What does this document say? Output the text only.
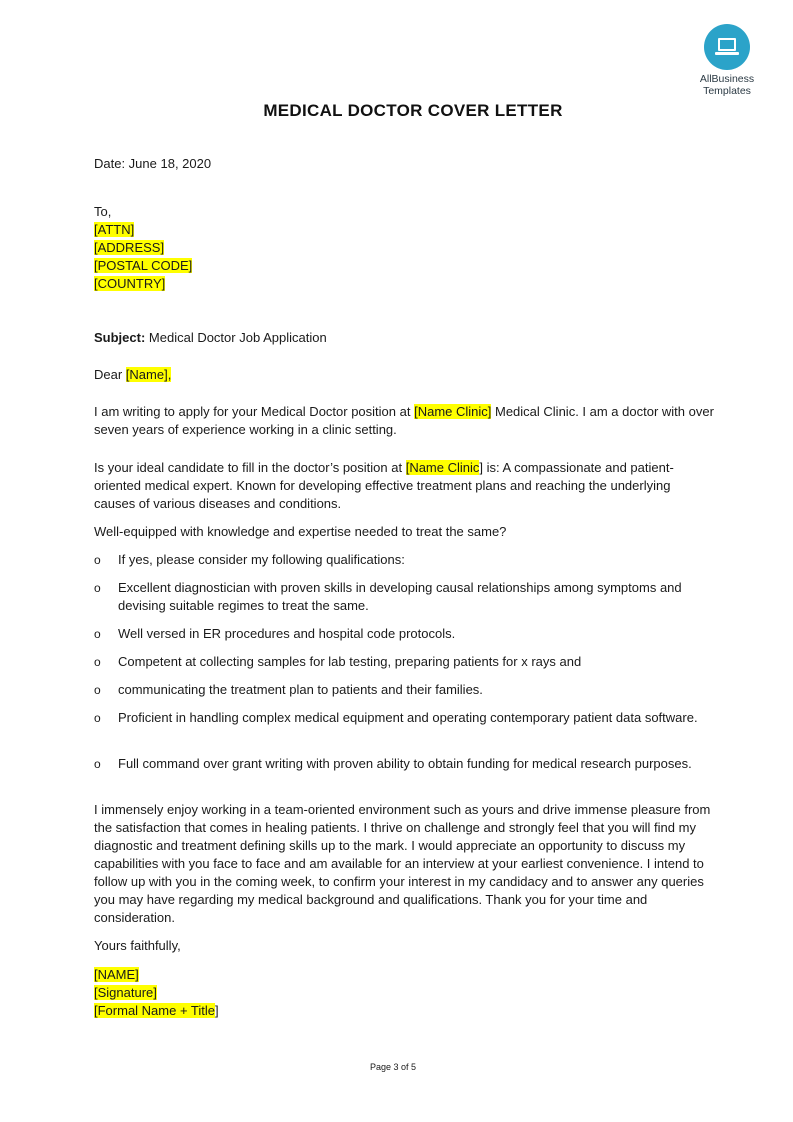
AllBusiness
Templates
MEDICAL DOCTOR COVER LETTER
Date: June 18, 2020
To,
[ATTN]
[ADDRESS]
[POSTAL CODE]
[COUNTRY]
Subject: Medical Doctor Job Application
Dear [Name],
I am writing to apply for your Medical Doctor position at [Name Clinic] Medical Clinic. I am a doctor with over seven years of experience working in a clinic setting.
Is your ideal candidate to fill in the doctor’s position at [Name Clinic] is: A compassionate and patient-oriented medical expert. Known for developing effective treatment plans and reaching the underlying causes of various diseases and conditions.
Well-equipped with knowledge and expertise needed to treat the same?
o If yes, please consider my following qualifications:
o Excellent diagnostician with proven skills in developing causal relationships among symptoms and devising suitable regimes to treat the same.
o Well versed in ER procedures and hospital code protocols.
o Competent at collecting samples for lab testing, preparing patients for x rays and
o communicating the treatment plan to patients and their families.
o Proficient in handling complex medical equipment and operating contemporary patient data software.
o Full command over grant writing with proven ability to obtain funding for medical research purposes.
I immensely enjoy working in a team-oriented environment such as yours and drive immense pleasure from the satisfaction that comes in healing patients. I thrive on challenge and strongly feel that you will find my diagnostic and treatment defining skills up to the mark. I would appreciate an opportunity to discuss my capabilities with you face to face and am available for an interview at your earliest convenience. I intend to follow up with you in the coming week, to confirm your interest in my candidacy and to answer any queries you may have regarding my medical background and qualifications. Thank you for your time and consideration.
Yours faithfully,
[NAME]
[Signature]
[Formal Name + Title]
Page 3 of 5
